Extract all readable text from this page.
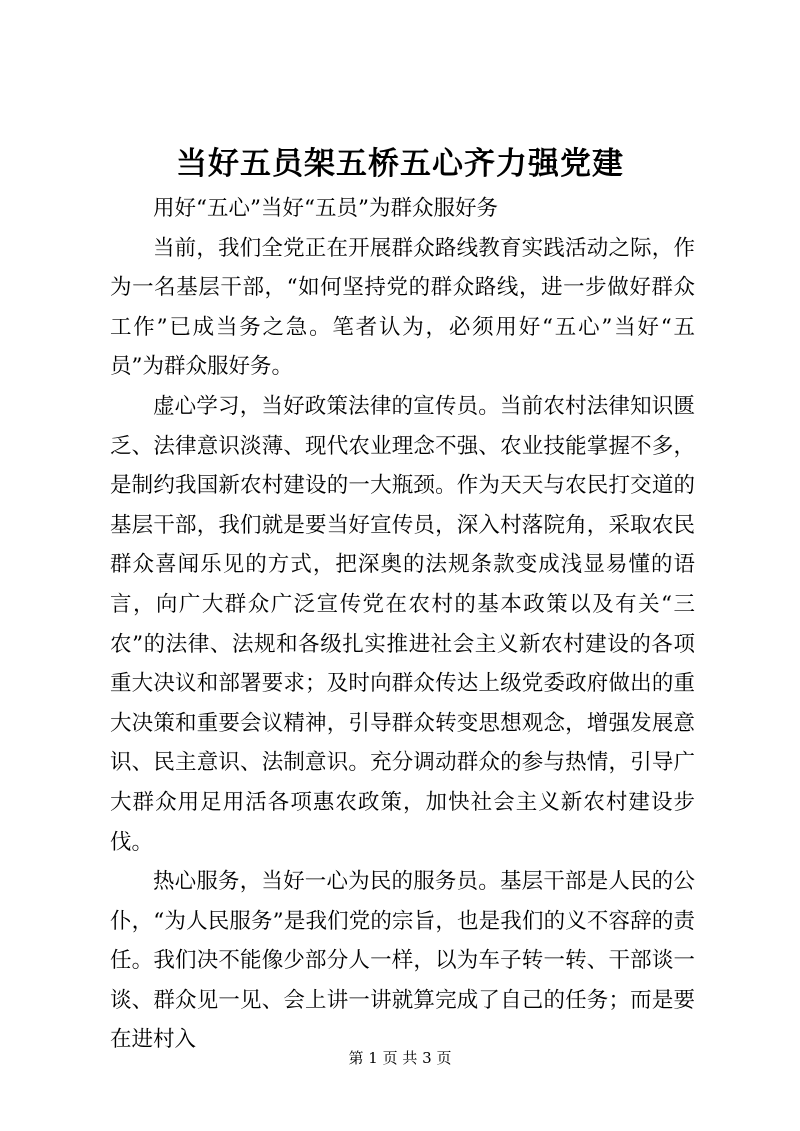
当好五员架五桥五心齐力强党建

用好“五心”当好“五员”为群众服好务

当前，我们全党正在开展群众路线教育实践活动之际，作为一名基层干部，“如何坚持党的群众路线，进一步做好群众工作”已成当务之急。笔者认为，必须用好“五心”当好“五员”为群众服好务。

虚心学习，当好政策法律的宣传员。当前农村法律知识匮乏、法律意识淡薄、现代农业理念不强、农业技能掌握不多，是制约我国新农村建设的一大瓶颈。作为天天与农民打交道的基层干部，我们就是要当好宣传员，深入村落院角，采取农民群众喜闻乐见的方式，把深奥的法规条款变成浅显易懂的语言，向广大群众广泛宣传党在农村的基本政策以及有关“三农”的法律、法规和各级扎实推进社会主义新农村建设的各项重大决议和部署要求；及时向群众传达上级党委政府做出的重大决策和重要会议精神，引导群众转变思想观念，增强发展意识、民主意识、法制意识。充分调动群众的参与热情，引导广大群众用足用活各项惠农政策，加快社会主义新农村建设步伐。

热心服务，当好一心为民的服务员。基层干部是人民的公仆，“为人民服务”是我们党的宗旨，也是我们的义不容辞的责任。我们决不能像少部分人一样，以为车子转一转、干部谈一谈、群众见一见、会上讲一讲就算完成了自己的任务；而是要在进村入

第 1 页 共 3 页
